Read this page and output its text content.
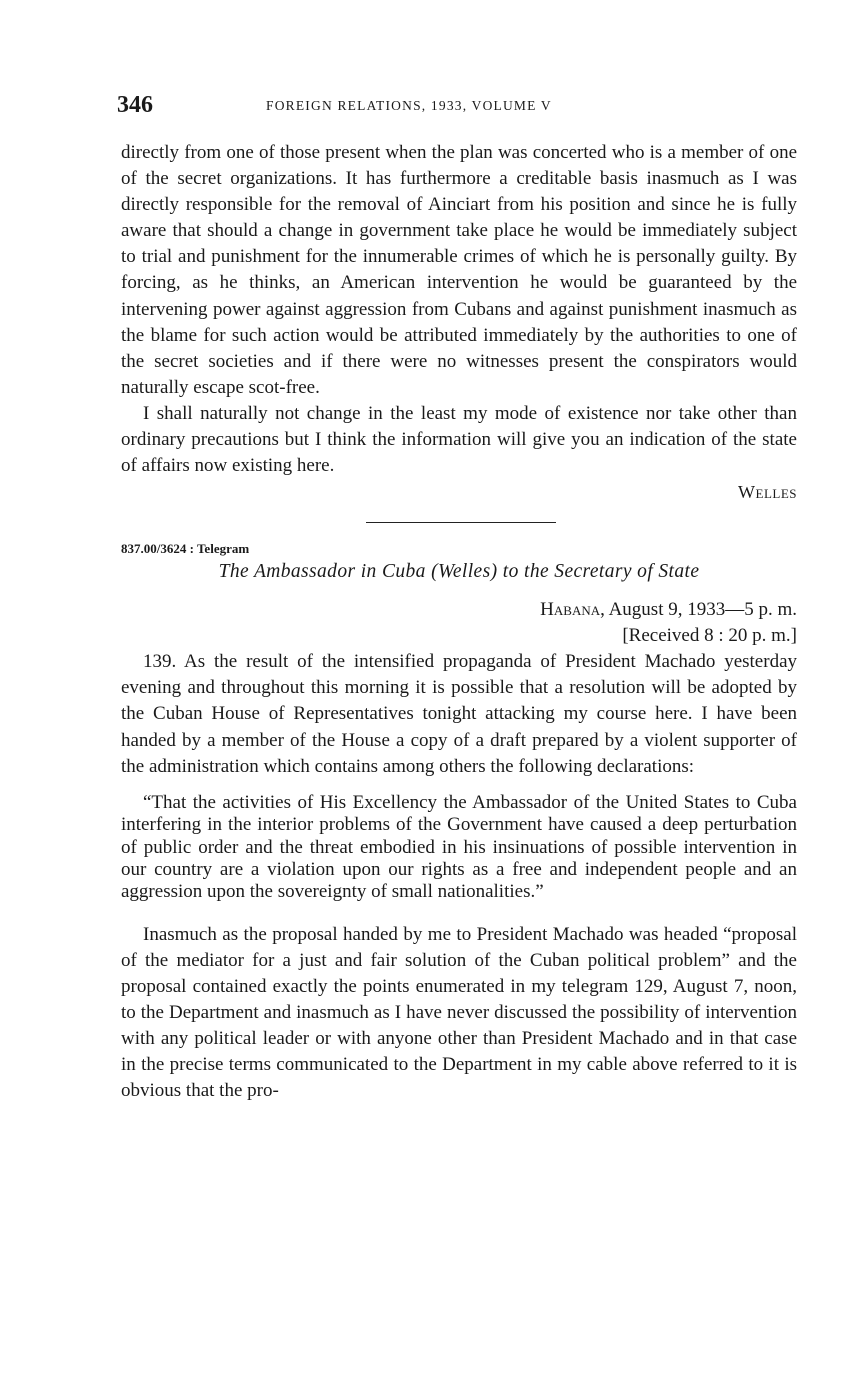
346	FOREIGN RELATIONS, 1933, VOLUME V

directly from one of those present when the plan was concerted who is a member of one of the secret organizations. It has furthermore a creditable basis inasmuch as I was directly responsible for the removal of Ainciart from his position and since he is fully aware that should a change in government take place he would be immediately subject to trial and punishment for the innumerable crimes of which he is personally guilty. By forcing, as he thinks, an American intervention he would be guaranteed by the intervening power against aggression from Cubans and against punishment inasmuch as the blame for such action would be attributed immediately by the authorities to one of the secret societies and if there were no witnesses present the conspirators would naturally escape scot-free.

I shall naturally not change in the least my mode of existence nor take other than ordinary precautions but I think the information will give you an indication of the state of affairs now existing here.

Welles

837.00/3624 : Telegram

The Ambassador in Cuba (Welles) to the Secretary of State

Habana, August 9, 1933—5 p. m.

[Received 8 : 20 p. m.]

139. As the result of the intensified propaganda of President Machado yesterday evening and throughout this morning it is possible that a resolution will be adopted by the Cuban House of Representatives tonight attacking my course here. I have been handed by a member of the House a copy of a draft prepared by a violent supporter of the administration which contains among others the following declarations:

“That the activities of His Excellency the Ambassador of the United States to Cuba interfering in the interior problems of the Government have caused a deep perturbation of public order and the threat embodied in his insinuations of possible intervention in our country are a violation upon our rights as a free and independent people and an aggression upon the sovereignty of small nationalities.”

Inasmuch as the proposal handed by me to President Machado was headed “proposal of the mediator for a just and fair solution of the Cuban political problem” and the proposal contained exactly the points enumerated in my telegram 129, August 7, noon, to the Department and inasmuch as I have never discussed the possibility of intervention with any political leader or with anyone other than President Machado and in that case in the precise terms communicated to the Department in my cable above referred to it is obvious that the pro-
